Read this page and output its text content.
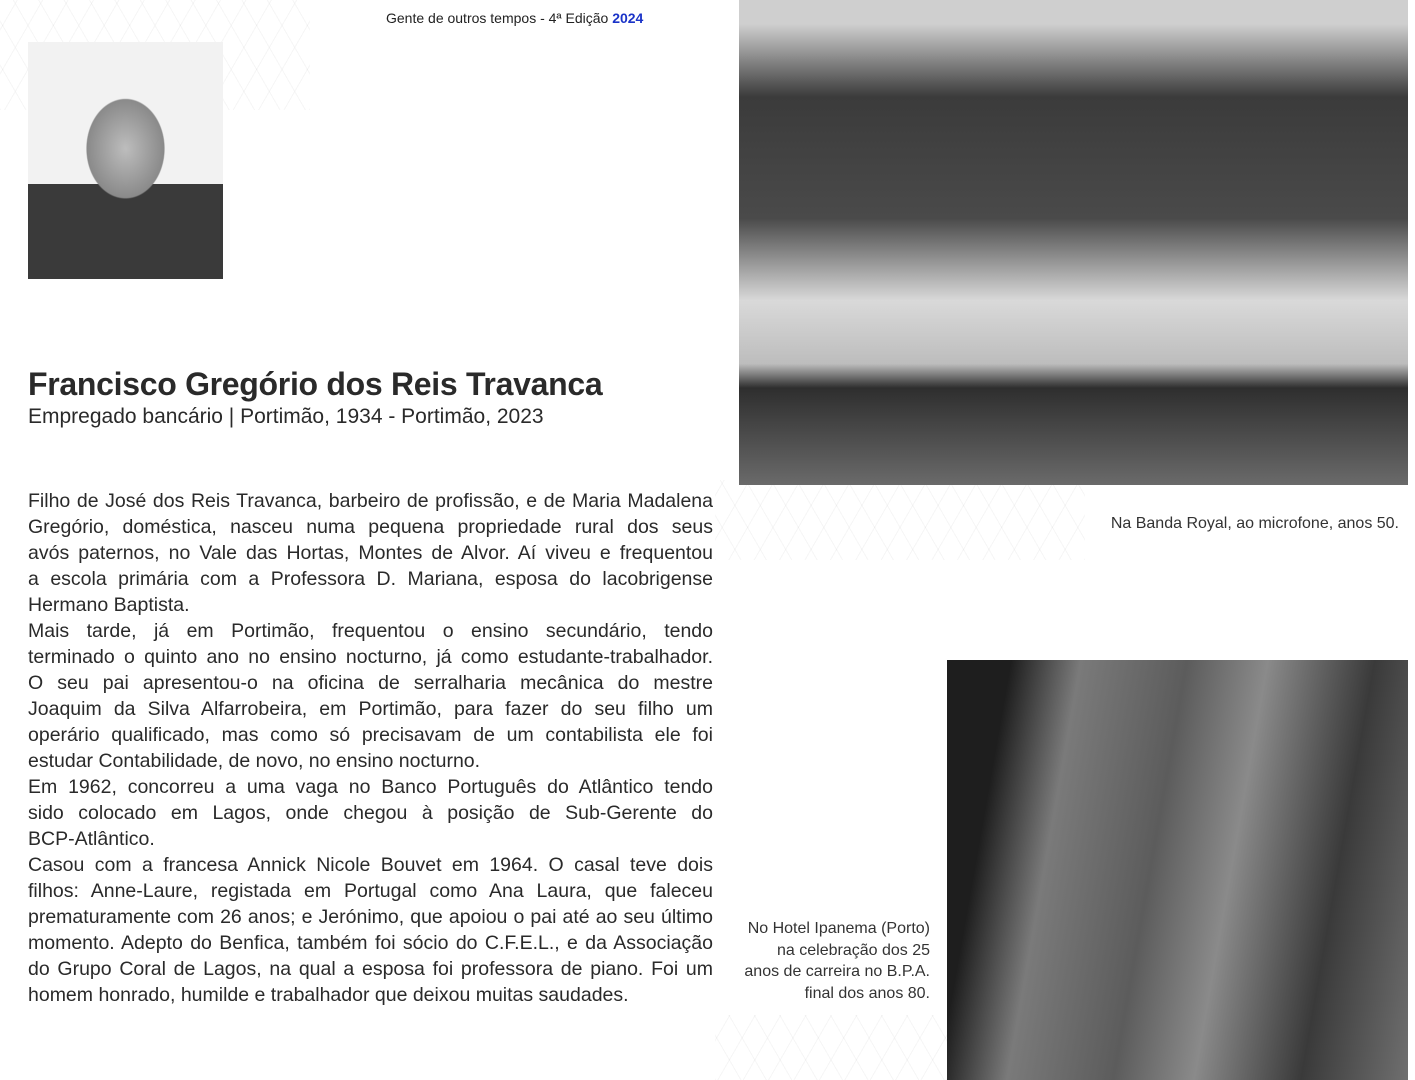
Gente de outros tempos - 4ª Edição 2024
Francisco Gregório dos Reis Travanca
Empregado bancário | Portimão, 1934 - Portimão, 2023
Filho de José dos Reis Travanca, barbeiro de profissão, e de Maria Madalena
Gregório, doméstica, nasceu numa pequena propriedade rural dos seus
avós paternos, no Vale das Hortas, Montes de Alvor. Aí viveu e frequentou
a escola primária com a Professora D. Mariana, esposa do lacobrigense
Hermano Baptista.
Mais tarde, já em Portimão, frequentou o ensino secundário, tendo
terminado o quinto ano no ensino nocturno, já como estudante-trabalhador.
O seu pai apresentou-o na oficina de serralharia mecânica do mestre
Joaquim da Silva Alfarrobeira, em Portimão, para fazer do seu filho um
operário qualificado, mas como só precisavam de um contabilista ele foi
estudar Contabilidade, de novo, no ensino nocturno.
Em 1962, concorreu a uma vaga no Banco Português do Atlântico tendo
sido colocado em Lagos, onde chegou à posição de Sub-Gerente do
BCP-Atlântico.
Casou com a francesa Annick Nicole Bouvet em 1964. O casal teve dois
filhos: Anne-Laure, registada em Portugal como Ana Laura, que faleceu
prematuramente com 26 anos; e Jerónimo, que apoiou o pai até ao seu último
momento. Adepto do Benfica, também foi sócio do C.F.E.L., e da Associação
do Grupo Coral de Lagos, na qual a esposa foi professora de piano. Foi um
homem honrado, humilde e trabalhador que deixou muitas saudades.
Na Banda Royal, ao microfone, anos 50.
No Hotel Ipanema (Porto)
na celebração dos 25
anos de carreira no B.P.A.
final dos anos 80.
